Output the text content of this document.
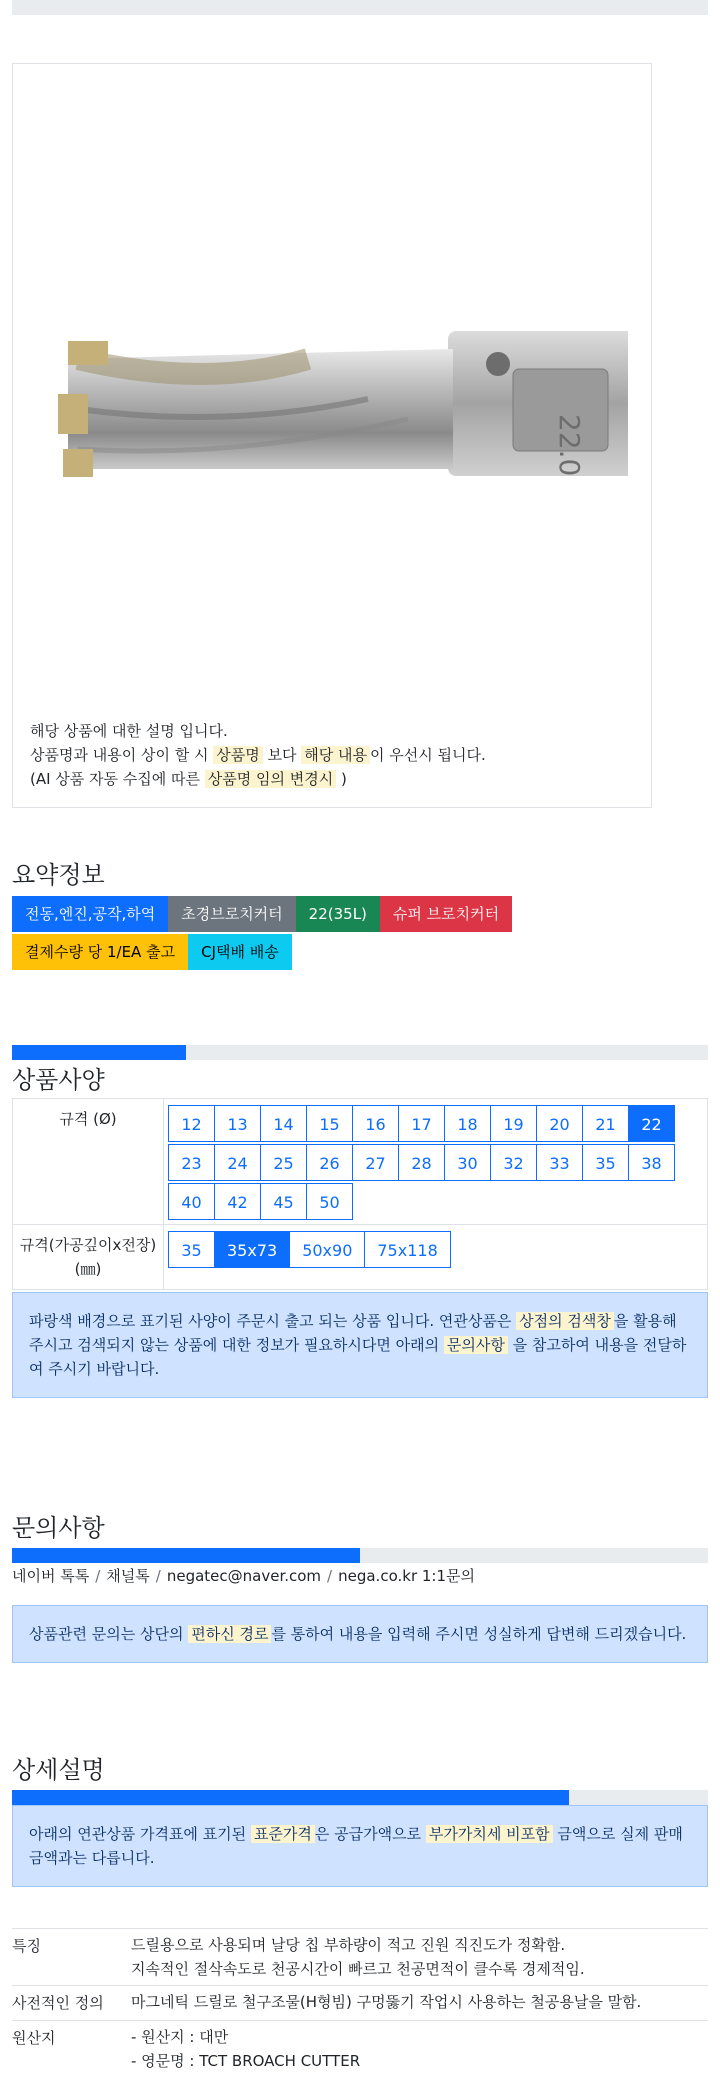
22.0
해당 상품에 대한 설명 입니다.
상품명과 내용이 상이 할 시 상품명 보다 해당 내용 이 우선시 됩니다.
(AI 상품 자동 수집에 따른 상품명 임의 변경시 )
요약정보
전동,엔진,공작,하역	초경브로치커터	22(35L)	슈퍼 브로치커터
결제수량 당 1/EA 출고	CJ택배 배송
상품사양
규격 (Ø)	12 13 14 15 16 17 18 19 20 21 22
23 24 25 26 27 28 30 32 33 35 38
40 42 45 50
규격(가공깊이x전장) (㎜)	35 35x73 50x90 75x118
파랑색 배경으로 표기된 사양이 주문시 출고 되는 상품 입니다. 연관상품은 상점의 검색창 을 활용해 주시고 검색되지 않는 상품에 대한 정보가 필요하시다면 아래의 문의사항 을 참고하여 내용을 전달하여 주시기 바랍니다.
문의사항
네이버 톡톡 / 채널톡 / negatec@naver.com / nega.co.kr 1:1문의
상품관련 문의는 상단의 편하신 경로 를 통하여 내용을 입력해 주시면 성실하게 답변해 드리겠습니다.
상세설명
아래의 연관상품 가격표에 표기된 표준가격 은 공급가액으로 부가가치세 비포함 금액으로 실제 판매금액과는 다릅니다.
특징	드릴용으로 사용되며 날당 칩 부하량이 적고 진원 직진도가 정확함.
지속적인 절삭속도로 천공시간이 빠르고 천공면적이 클수록 경제적임.

사전적인 정의	마그네틱 드릴로 철구조물(H형빔) 구멍뚫기 작업시 사용하는 철공용날을 말함.

원산지	- 원산지 : 대만
- 영문명 : TCT BROACH CUTTER
